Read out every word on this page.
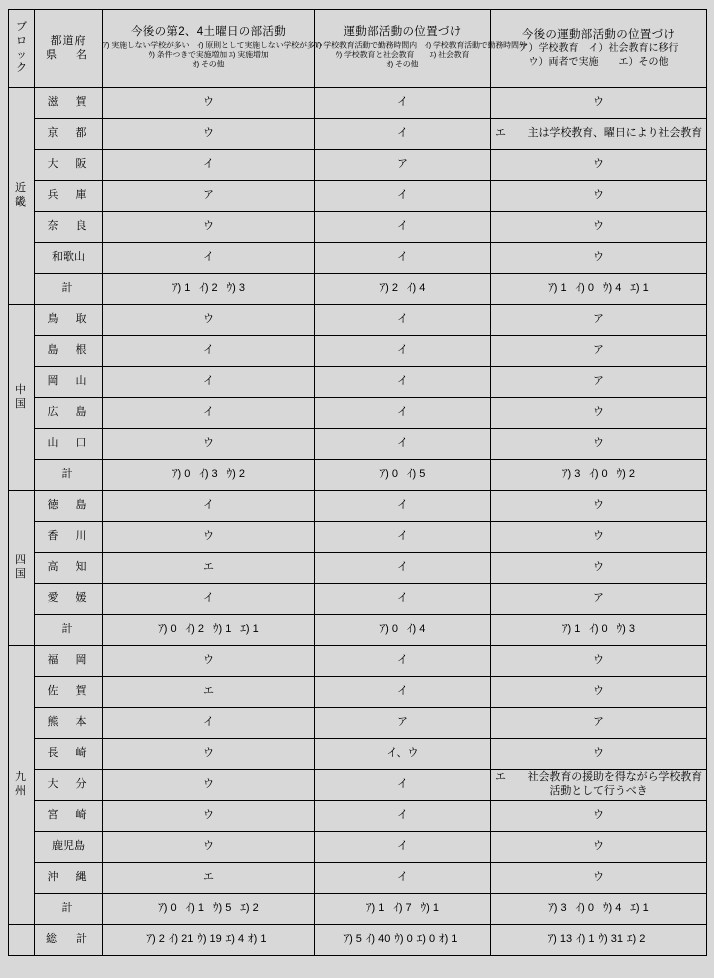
ブ
ロ
ッ
ク

都道府
県　名

今後の第2、4土曜日の部活動
ｱ) 実施しない学校が多い　ｲ) 原則として実施しない学校が多い
ｳ) 条件つきで実施増加 ｴ) 実施増加
ｵ) その他

運動部活動の位置づけ
ｱ) 学校教育活動で勤務時間内　ｲ) 学校教育活動で勤務時間外
ｳ) 学校教育と社会教育　　ｴ) 社会教育
ｵ) その他

今後の運動部活動の位置づけ
ア）学校教育　イ）社会教育に移行
ウ）両者で実施　　エ）その他

近
畿	滋　賀	ウ	イ	ウ
	京　都	ウ	イ	エ　　主は学校教育、曜日により社会教育
	大　阪	イ	ア	ウ
	兵　庫	ア	イ	ウ
	奈　良	ウ	イ	ウ
	和歌山	イ	イ	ウ
	計	ｱ) 1 ｲ) 2 ｳ) 3	ｱ) 2 ｲ) 4	ｱ) 1 ｲ) 0 ｳ) 4 ｴ) 1

中
国	鳥　取	ウ	イ	ア
	島　根	イ	イ	ア
	岡　山	イ	イ	ア
	広　島	イ	イ	ウ
	山　口	ウ	イ	ウ
	計	ｱ) 0 ｲ) 3 ｳ) 2	ｱ) 0 ｲ) 5	ｱ) 3 ｲ) 0 ｳ) 2

四
国	徳　島	イ	イ	ウ
	香　川	ウ	イ	ウ
	高　知	エ	イ	ウ
	愛　媛	イ	イ	ア
	計	ｱ) 0 ｲ) 2 ｳ) 1 ｴ) 1	ｱ) 0 ｲ) 4	ｱ) 1 ｲ) 0 ｳ) 3

九
州	福　岡	ウ	イ	ウ
	佐　賀	エ	イ	ウ
	熊　本	イ	ア	ア
	長　崎	ウ	イ、ウ	ウ
	大　分	ウ	イ	エ　　社会教育の援助を得ながら学校教育活動として行うべき
	宮　崎	ウ	イ	ウ
	鹿児島	ウ	イ	ウ
	沖　縄	エ	イ	ウ
	計	ｱ) 0 ｲ) 1 ｳ) 5 ｴ) 2	ｱ) 1 ｲ) 7 ｳ) 1	ｱ) 3 ｲ) 0 ｳ) 4 ｴ) 1
	総　計	ｱ) 2 ｲ) 21 ｳ) 19 ｴ) 4 ｵ) 1	ｱ) 5 ｲ) 40 ｳ) 0 ｴ) 0 ｵ) 1	ｱ) 13 ｲ) 1 ｳ) 31 ｴ) 2
